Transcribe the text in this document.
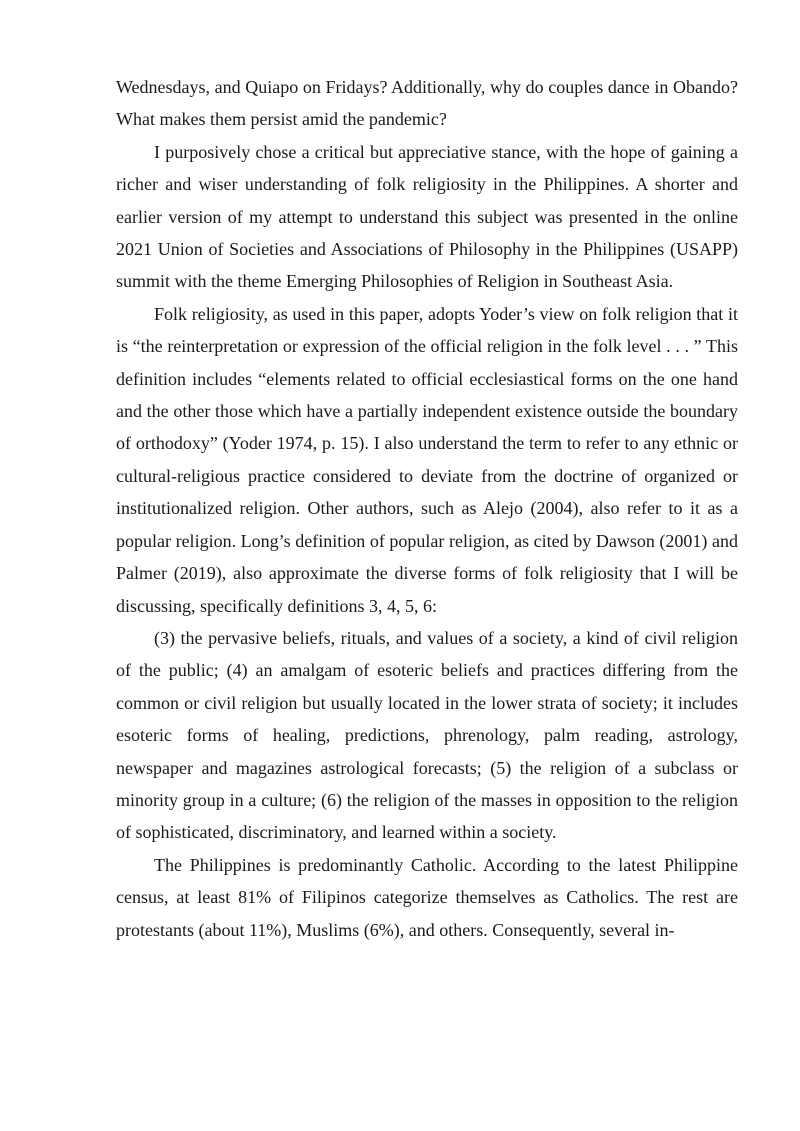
Wednesdays, and Quiapo on Fridays? Additionally, why do couples dance in Obando? What makes them persist amid the pandemic?

I purposively chose a critical but appreciative stance, with the hope of gaining a richer and wiser understanding of folk religiosity in the Philippines. A shorter and earlier version of my attempt to understand this subject was presented in the online 2021 Union of Societies and Associations of Philosophy in the Philippines (USAPP) summit with the theme Emerging Philosophies of Religion in Southeast Asia.

Folk religiosity, as used in this paper, adopts Yoder’s view on folk religion that it is “the reinterpretation or expression of the official religion in the folk level . . . ” This definition includes “elements related to official ecclesiastical forms on the one hand and the other those which have a partially independent existence outside the boundary of orthodoxy” (Yoder 1974, p. 15). I also understand the term to refer to any ethnic or cultural-religious practice considered to deviate from the doctrine of organized or institutionalized religion. Other authors, such as Alejo (2004), also refer to it as a popular religion. Long’s definition of popular religion, as cited by Dawson (2001) and Palmer (2019), also approximate the diverse forms of folk religiosity that I will be discussing, specifically definitions 3, 4, 5, 6:

(3) the pervasive beliefs, rituals, and values of a society, a kind of civil religion of the public; (4) an amalgam of esoteric beliefs and practices differing from the common or civil religion but usually located in the lower strata of society; it includes esoteric forms of healing, predictions, phrenology, palm reading, astrology, newspaper and magazines astrological forecasts; (5) the religion of a subclass or minority group in a culture; (6) the religion of the masses in opposition to the religion of sophisticated, discriminatory, and learned within a society.

The Philippines is predominantly Catholic. According to the latest Philippine census, at least 81% of Filipinos categorize themselves as Catholics. The rest are protestants (about 11%), Muslims (6%), and others. Consequently, several in-
